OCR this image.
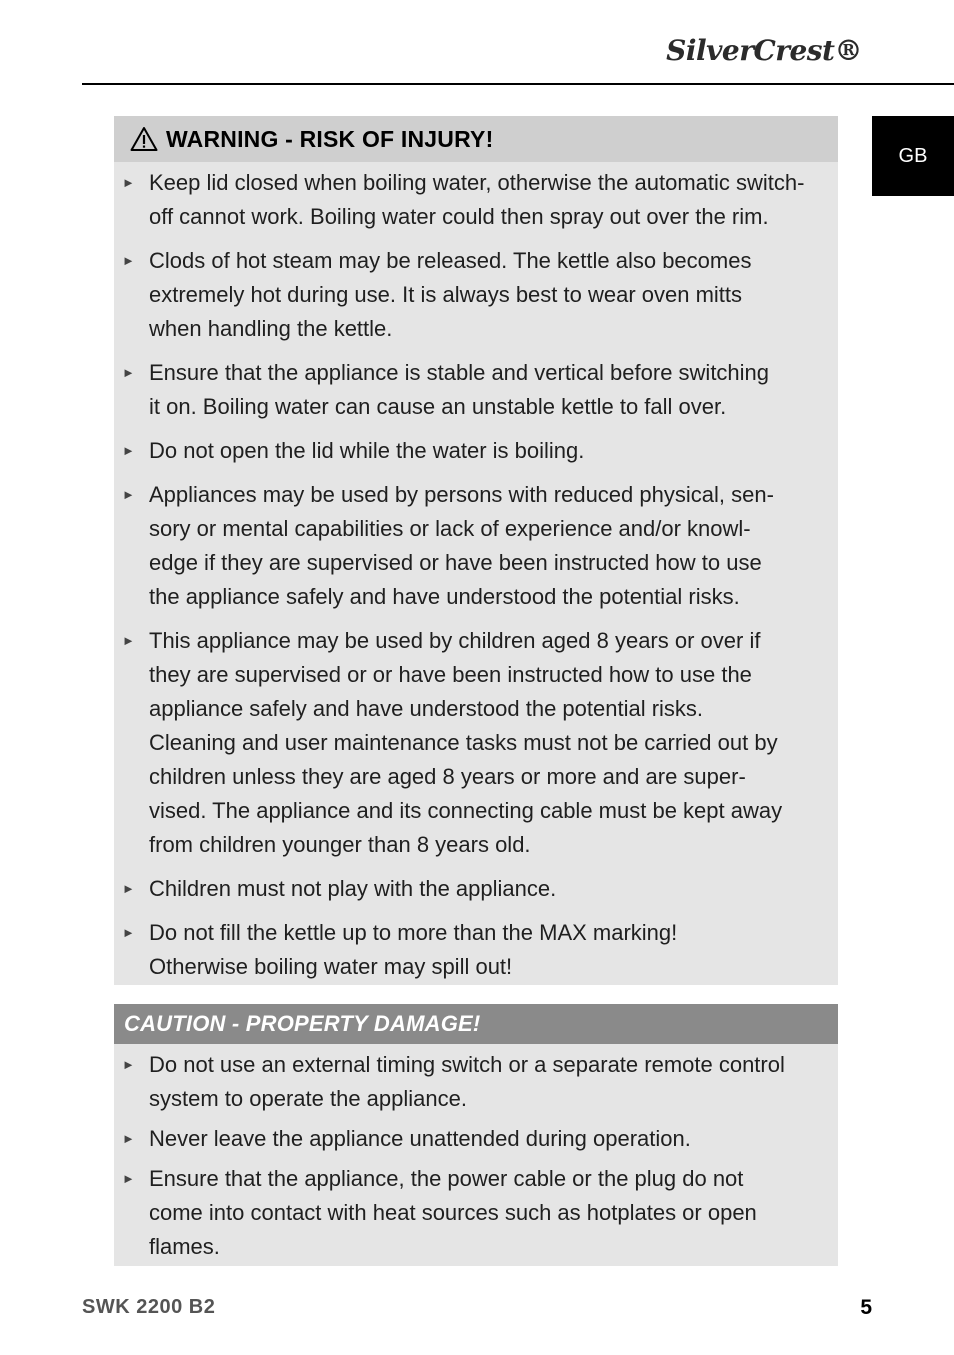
SilverCrest®
GB
WARNING - RISK OF INJURY!
► Keep lid closed when boiling water, otherwise the automatic switch-
off cannot work. Boiling water could then spray out over the rim.
► Clods of hot steam may be released. The kettle also becomes
extremely hot during use. It is always best to wear oven mitts
when handling the kettle.
► Ensure that the appliance is stable and vertical before switching
it on. Boiling water can cause an unstable kettle to fall over.
► Do not open the lid while the water is boiling.
► Appliances may be used by persons with reduced physical, sen-
sory or mental capabilities or lack of experience and/or knowl-
edge if they are supervised or have been instructed how to use
the appliance safely and have understood the potential risks.
► This appliance may be used by children aged 8 years or over if
they are supervised or or have been instructed how to use the
appliance safely and have understood the potential risks.
Cleaning and user maintenance tasks must not be carried out by
children unless they are aged 8 years or more and are super-
vised. The appliance and its connecting cable must be kept away
from children younger than 8 years old.
► Children must not play with the appliance.
► Do not fill the kettle up to more than the MAX marking!
Otherwise boiling water may spill out!
CAUTION - PROPERTY DAMAGE!
► Do not use an external timing switch or a separate remote control
system to operate the appliance.
► Never leave the appliance unattended during operation.
► Ensure that the appliance, the power cable or the plug do not
come into contact with heat sources such as hotplates or open
flames.
SWK 2200 B2	5
